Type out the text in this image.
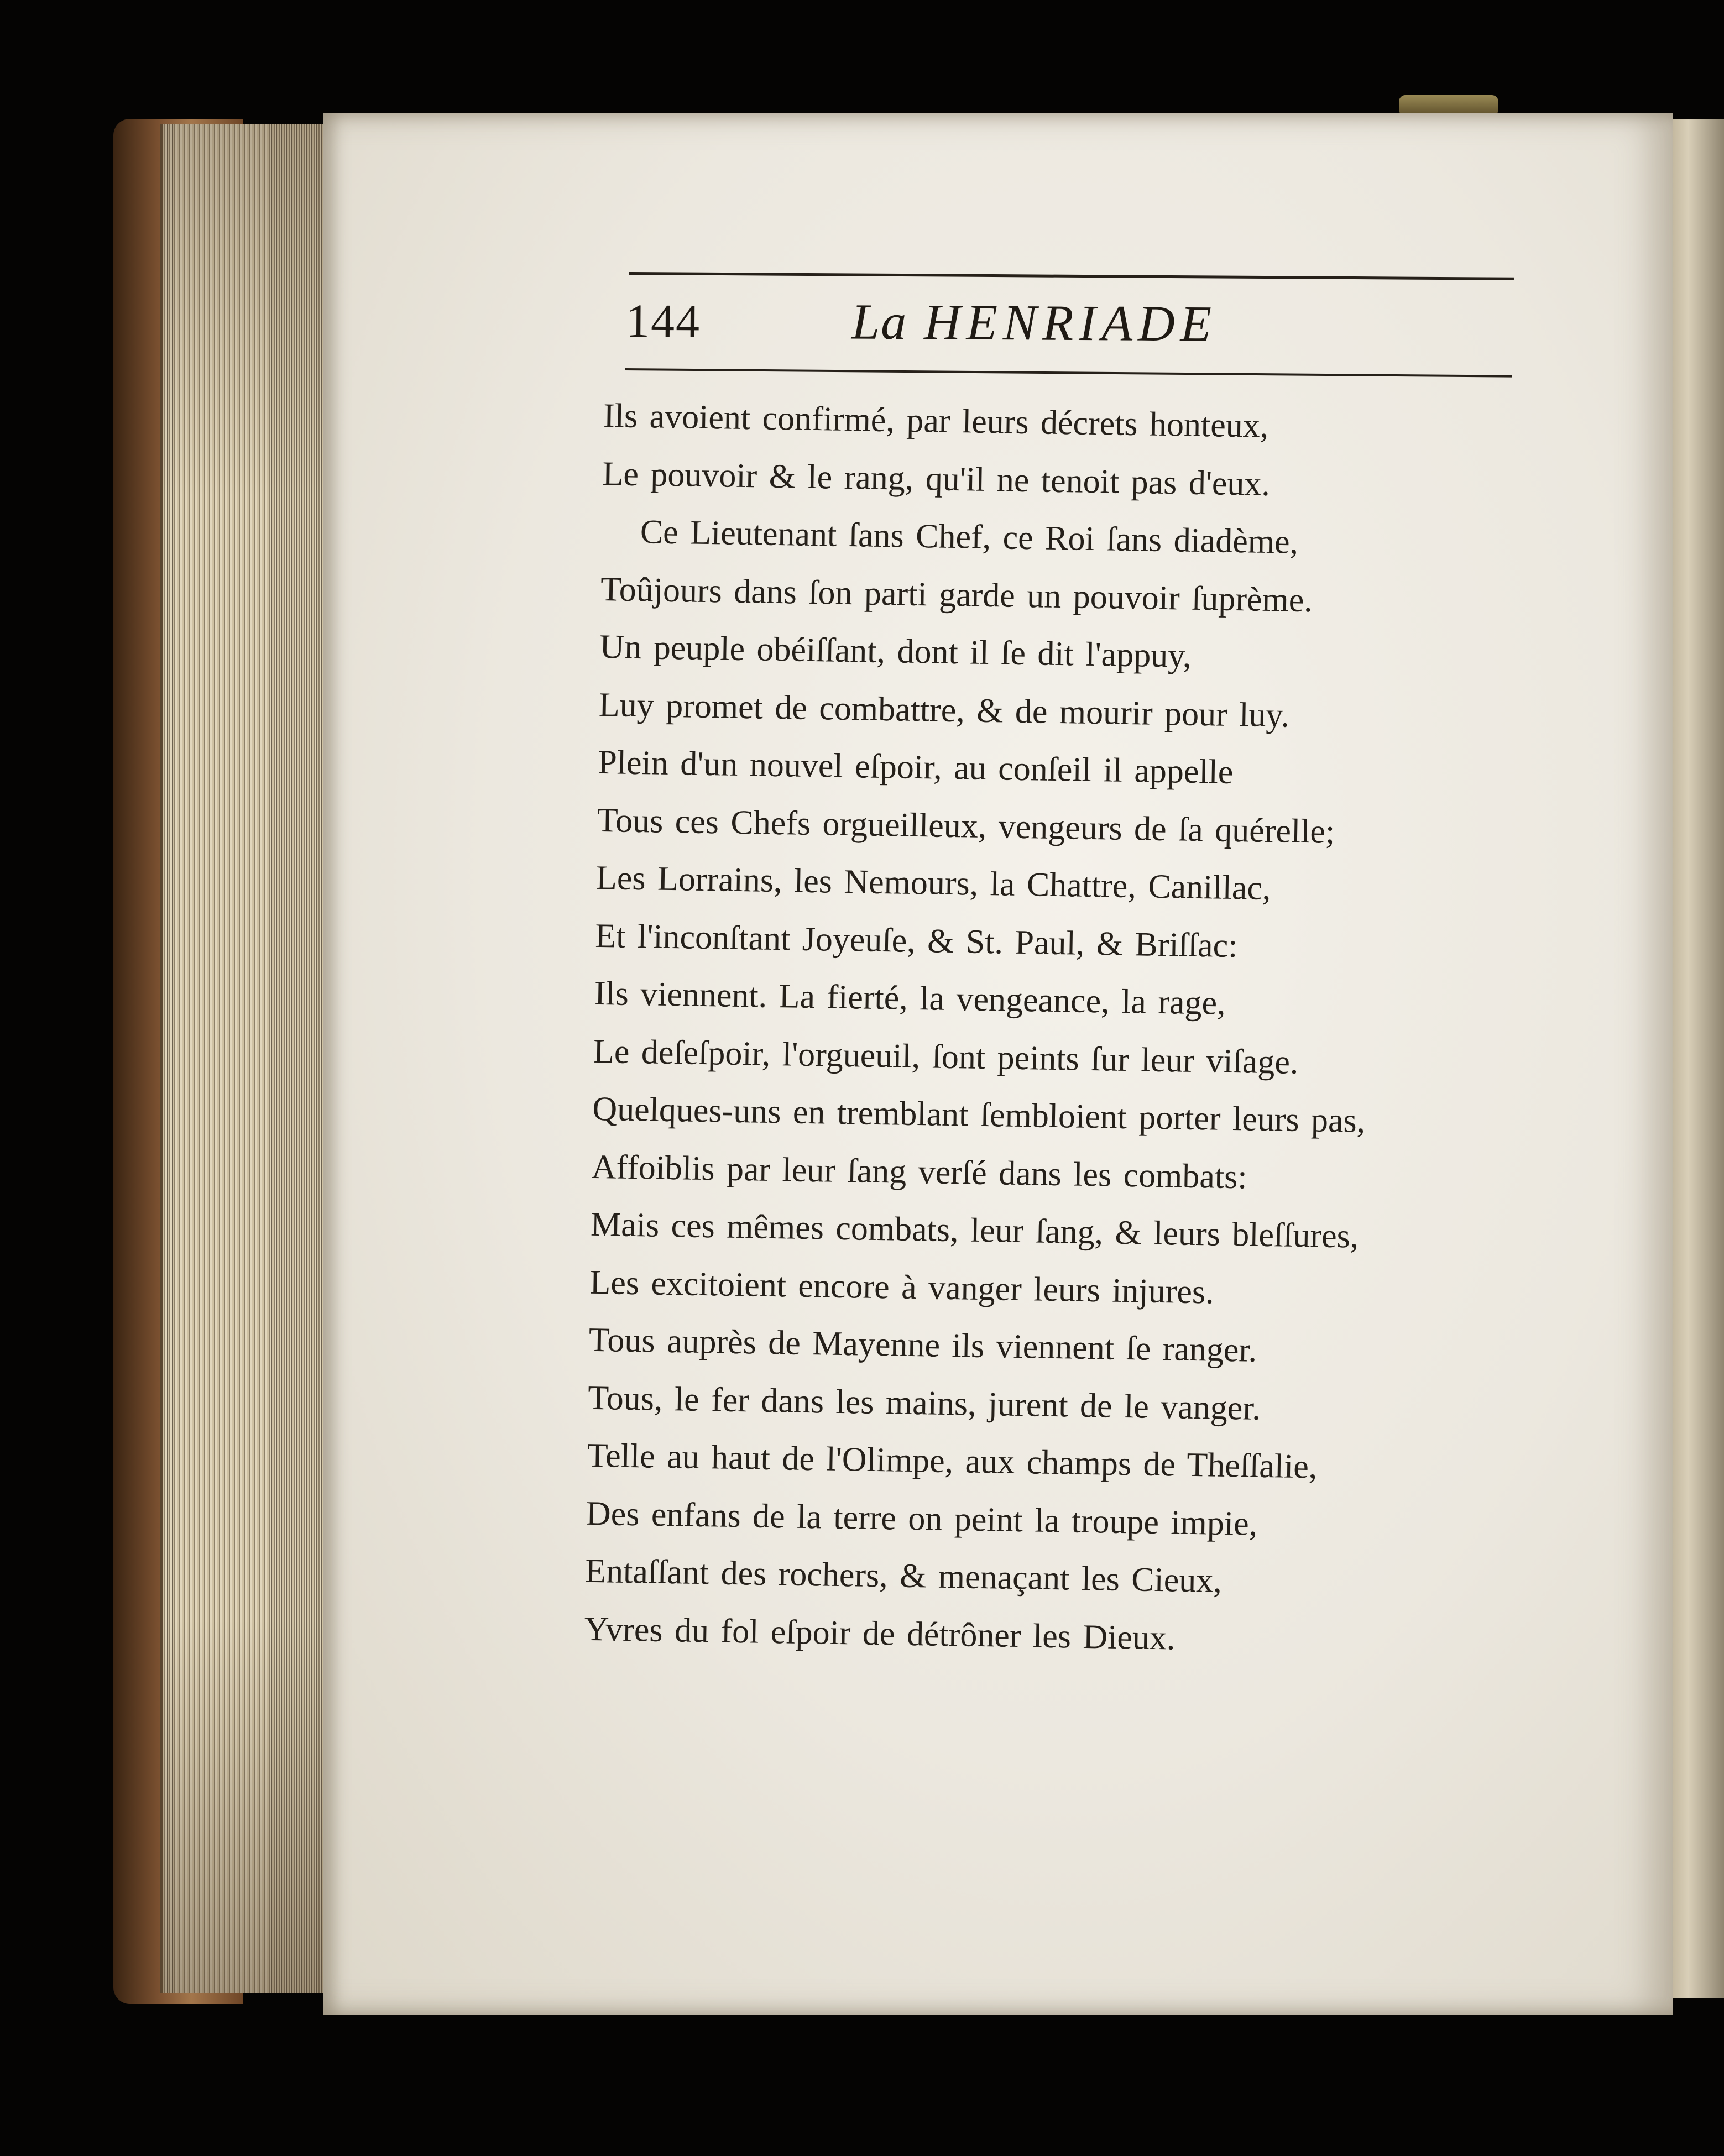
144	La HENRIADE
Ils avoient confirmé, par leurs décrets honteux,
Le pouvoir & le rang, qu'il ne tenoit pas d'eux.
Ce Lieutenant ſans Chef, ce Roi ſans diadème,
Toûjours dans ſon parti garde un pouvoir ſuprème.
Un peuple obéiſſant, dont il ſe dit l'appuy,
Luy promet de combattre, & de mourir pour luy.
Plein d'un nouvel eſpoir, au conſeil il appelle
Tous ces Chefs orgueilleux, vengeurs de ſa quérelle;
Les Lorrains, les Nemours, la Chattre, Canillac,
Et l'inconſtant Joyeuſe, & St. Paul, & Briſſac:
Ils viennent. La fierté, la vengeance, la rage,
Le deſeſpoir, l'orgueuil, ſont peints ſur leur viſage.
Quelques-uns en tremblant ſembloient porter leurs pas,
Affoiblis par leur ſang verſé dans les combats:
Mais ces mêmes combats, leur ſang, & leurs bleſſures,
Les excitoient encore à vanger leurs injures.
Tous auprès de Mayenne ils viennent ſe ranger.
Tous, le fer dans les mains, jurent de le vanger.
Telle au haut de l'Olimpe, aux champs de Theſſalie,
Des enfans de la terre on peint la troupe impie,
Entaſſant des rochers, & menaçant les Cieux,
Yvres du fol eſpoir de détrôner les Dieux.
